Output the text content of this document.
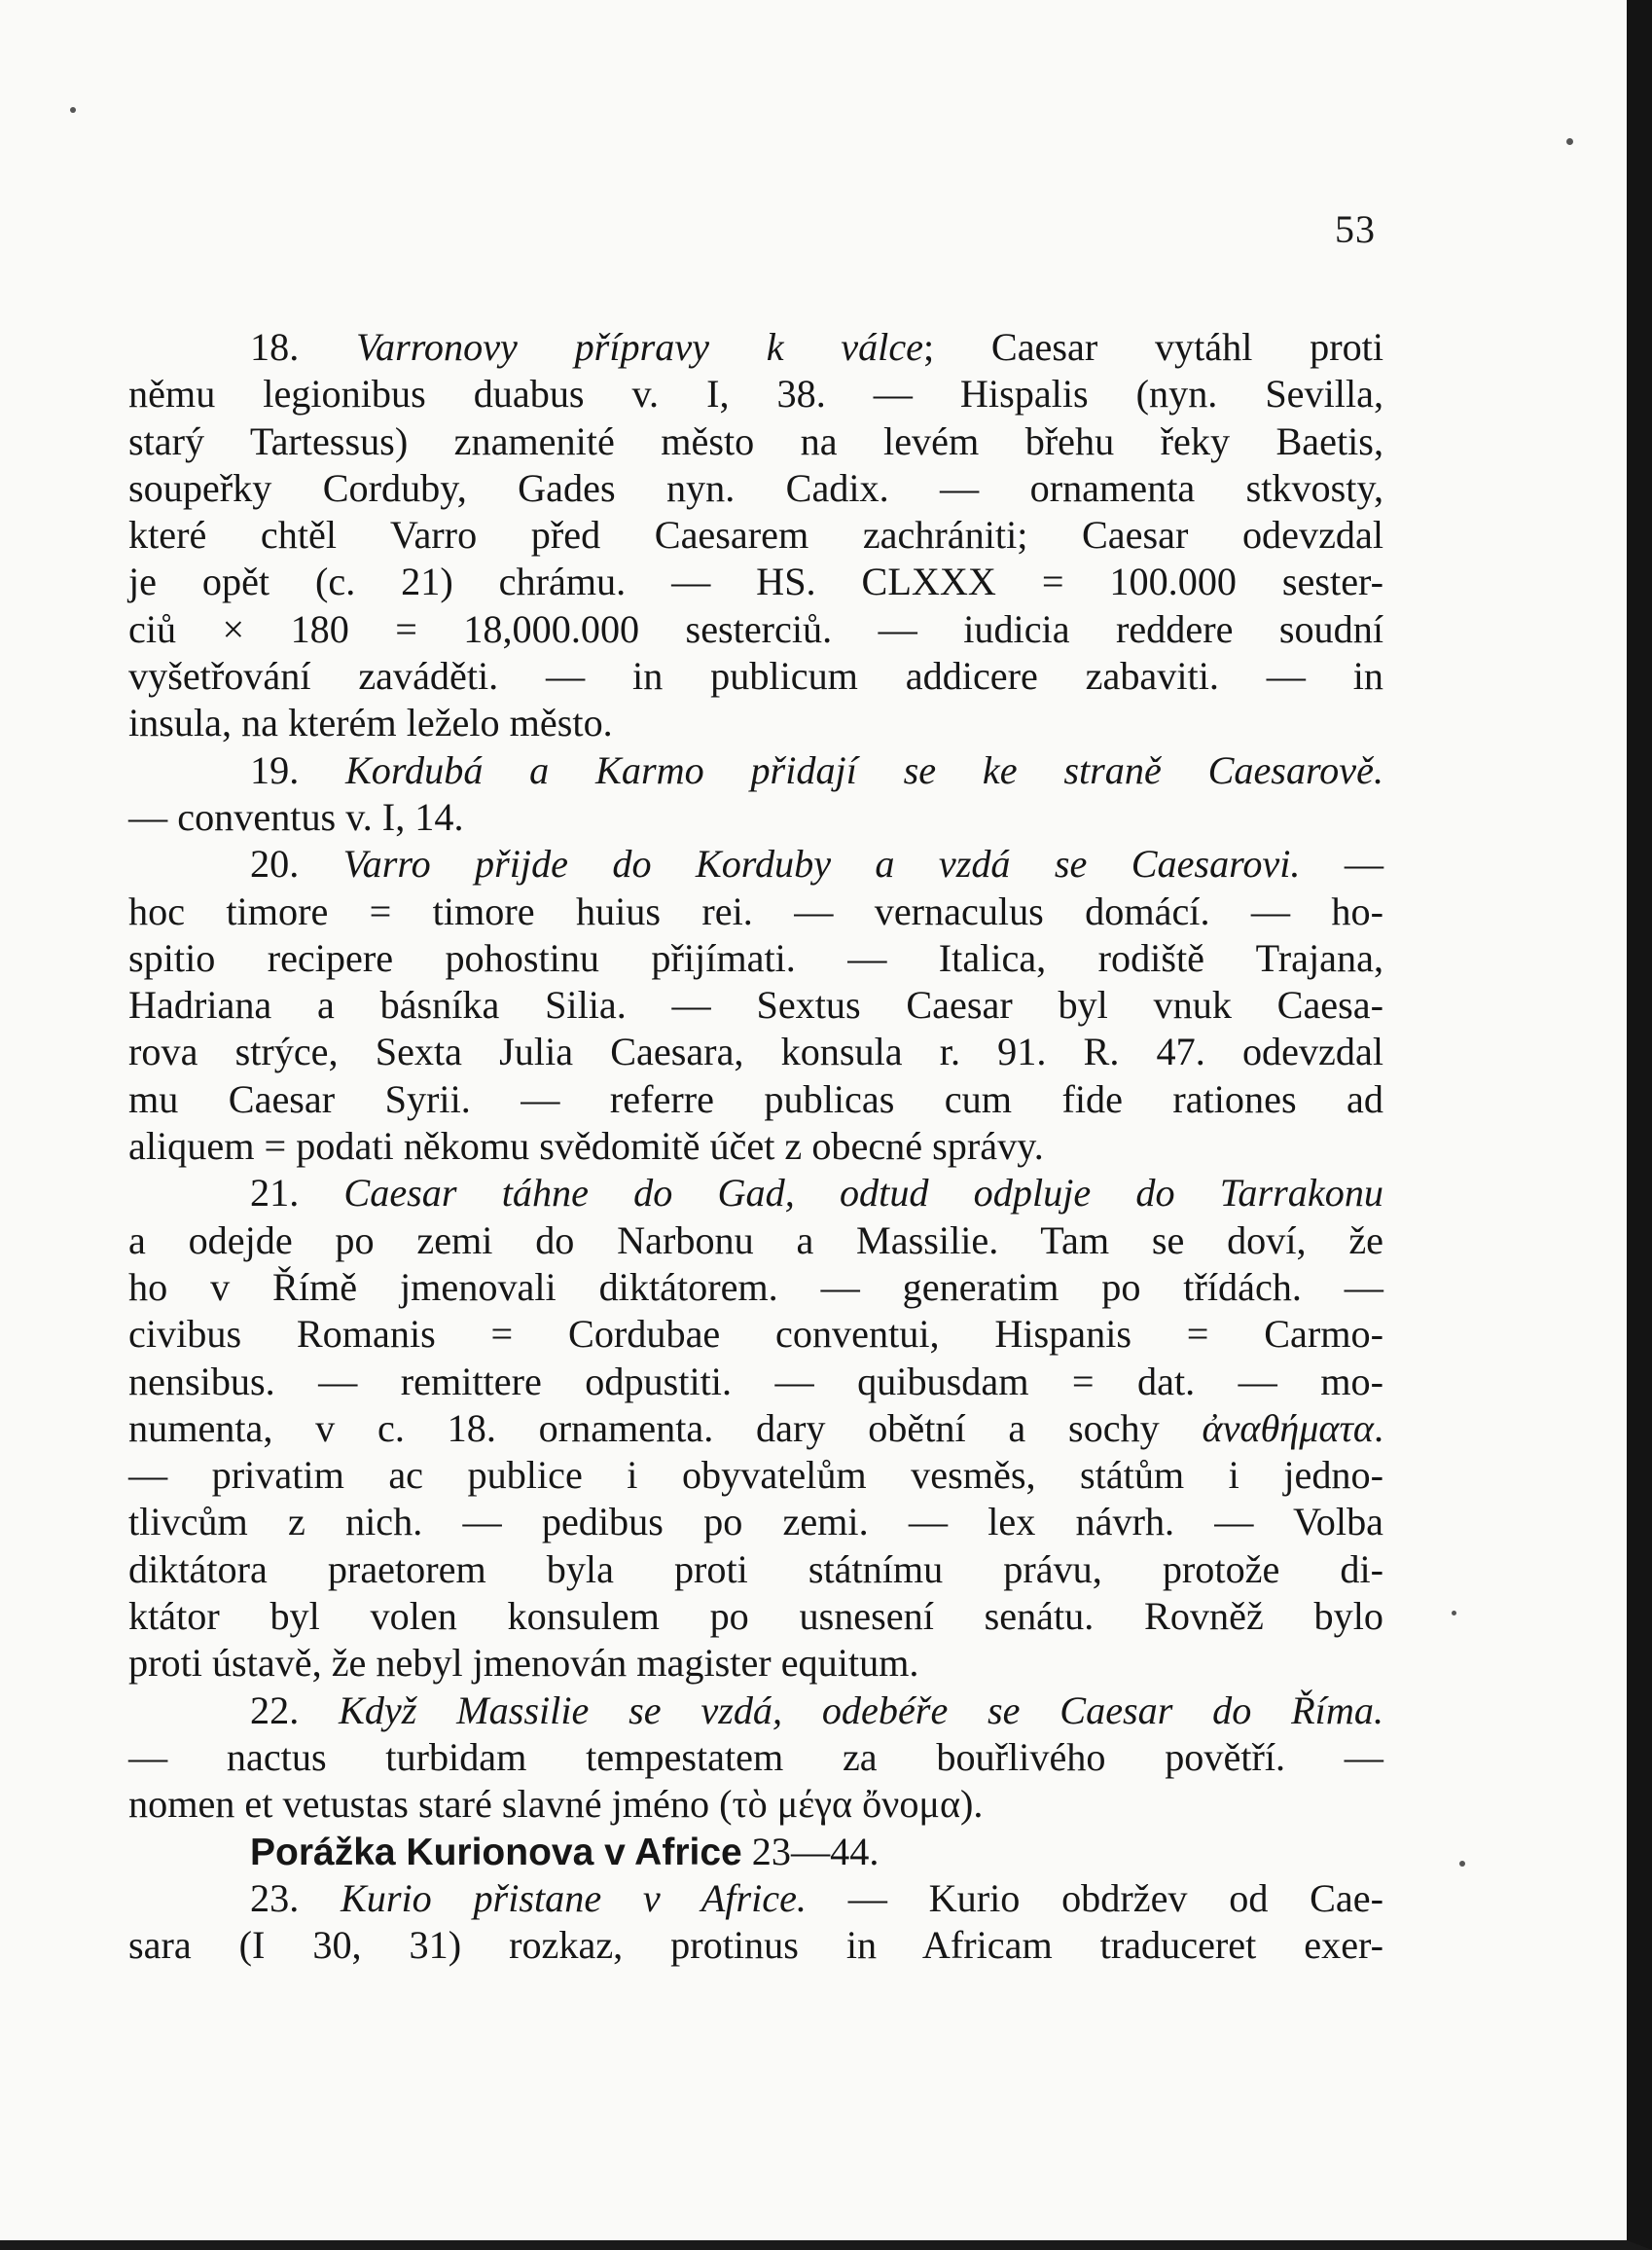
53
18. Varronovy přípravy k válce; Caesar vytáhl proti
němu legionibus duabus v. I, 38. — Hispalis (nyn. Sevilla,
starý Tartessus) znamenité město na levém břehu řeky Baetis,
soupeřky Corduby, Gades nyn. Cadix. — ornamenta stkvosty,
které chtěl Varro před Caesarem zachrániti; Caesar odevzdal
je opět (c. 21) chrámu. — HS. CLXXX = 100.000 sester-
ciů × 180 = 18,000.000 sesterciů. — iudicia reddere soudní
vyšetřování zaváděti. — in publicum addicere zabaviti. — in
insula, na kterém leželo město.
19. Kordubá a Karmo přidají se ke straně Caesarově.
— conventus v. I, 14.
20. Varro přijde do Korduby a vzdá se Caesarovi. —
hoc timore = timore huius rei. — vernaculus domácí. — ho-
spitio recipere pohostinu přijímati. — Italica, rodiště Trajana,
Hadriana a básníka Silia. — Sextus Caesar byl vnuk Caesa-
rova strýce, Sexta Julia Caesara, konsula r. 91. R. 47. odevzdal
mu Caesar Syrii. — referre publicas cum fide rationes ad
aliquem = podati někomu svědomitě účet z obecné správy.
21. Caesar táhne do Gad, odtud odpluje do Tarrakonu
a odejde po zemi do Narbonu a Massilie. Tam se doví, že
ho v Římě jmenovali diktátorem. — generatim po třídách. —
civibus Romanis = Cordubae conventui, Hispanis = Carmo-
nensibus. — remittere odpustiti. — quibusdam = dat. — mo-
numenta, v c. 18. ornamenta. dary obětní a sochy ἀναθήματα.
— privatim ac publice i obyvatelům vesměs, státům i jedno-
tlivcům z nich. — pedibus po zemi. — lex návrh. — Volba
diktátora praetorem byla proti státnímu právu, protože di-
ktátor byl volen konsulem po usnesení senátu. Rovněž bylo
proti ústavě, že nebyl jmenován magister equitum.
22. Když Massilie se vzdá, odebéře se Caesar do Říma.
— nactus turbidam tempestatem za bouřlivého povětří. —
nomen et vetustas staré slavné jméno (τὸ μέγα ὄνομα).
Porážka Kurionova v Africe 23—44.
23. Kurio přistane v Africe. — Kurio obdržev od Cae-
sara (I 30, 31) rozkaz, protinus in Africam traduceret exer-
